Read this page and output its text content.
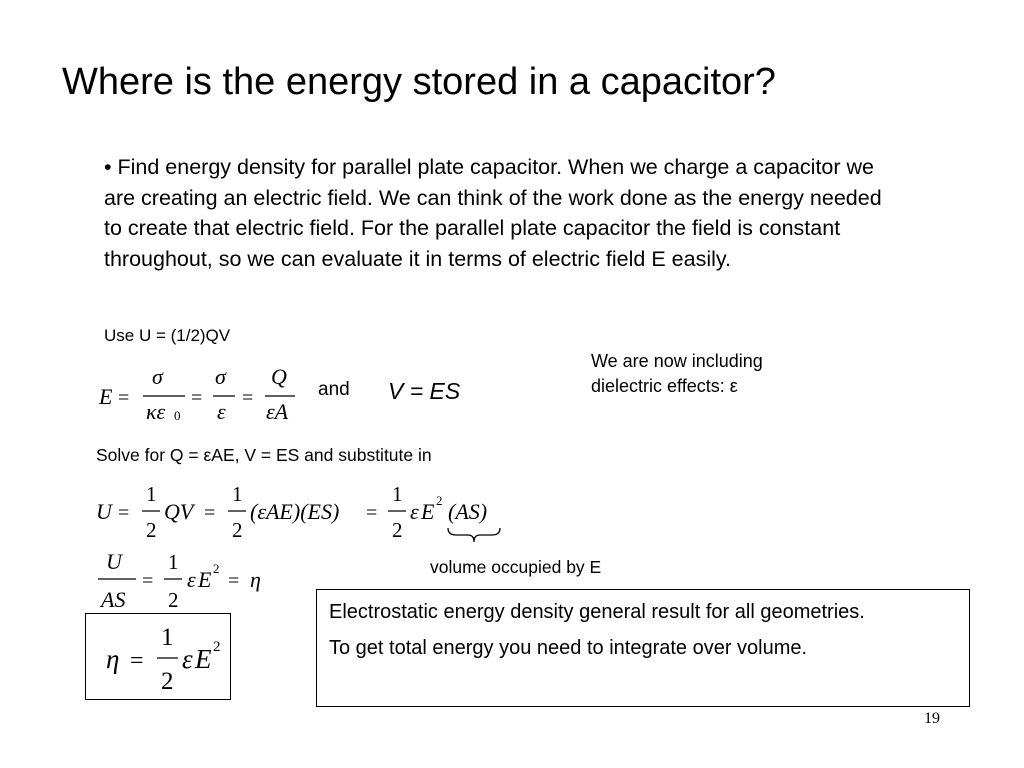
Where is the energy stored in a capacitor?
• Find energy density for parallel plate capacitor. When we charge a capacitor we are creating an electric field. We can think of the work done as the energy needed to create that electric field. For the parallel plate capacitor the field is constant throughout, so we can evaluate it in terms of electric field E easily.
Use U = (1/2)QV
E =
σ
κε 0
=
σ
ε
=
Q
εA
and V = ES
We are now including dielectric effects: ε
Solve for Q = εAE, V = ES and substitute in
U =
1
2
QV =
1
2
(εAE)(ES) =
1
2
ε E 2 (AS)
volume occupied by E
U
AS
=
1
2
ε E 2
= η
η =
1
2
ε E 2

Electrostatic energy density general result for all geometries.

To get total energy you need to integrate over volume.

19
